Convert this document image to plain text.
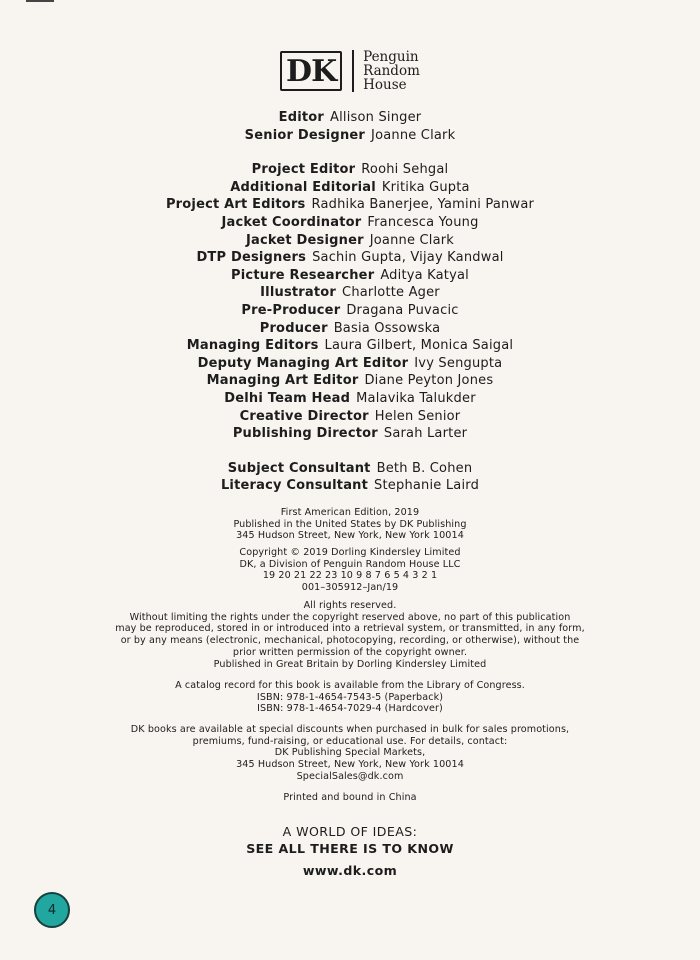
DK	Penguin
Random
House
Editor Allison Singer
Senior Designer Joanne Clark
Project Editor Roohi Sehgal
Additional Editorial Kritika Gupta
Project Art Editors Radhika Banerjee, Yamini Panwar
Jacket Coordinator Francesca Young
Jacket Designer Joanne Clark
DTP Designers Sachin Gupta, Vijay Kandwal
Picture Researcher Aditya Katyal
Illustrator Charlotte Ager
Pre-Producer Dragana Puvacic
Producer Basia Ossowska
Managing Editors Laura Gilbert, Monica Saigal
Deputy Managing Art Editor Ivy Sengupta
Managing Art Editor Diane Peyton Jones
Delhi Team Head Malavika Talukder
Creative Director Helen Senior
Publishing Director Sarah Larter
Subject Consultant Beth B. Cohen
Literacy Consultant Stephanie Laird
First American Edition, 2019
Published in the United States by DK Publishing
345 Hudson Street, New York, New York 10014
Copyright © 2019 Dorling Kindersley Limited
DK, a Division of Penguin Random House LLC
19 20 21 22 23 10 9 8 7 6 5 4 3 2 1
001–305912–Jan/19
All rights reserved.
Without limiting the rights under the copyright reserved above, no part of this publication
may be reproduced, stored in or introduced into a retrieval system, or transmitted, in any form,
or by any means (electronic, mechanical, photocopying, recording, or otherwise), without the
prior written permission of the copyright owner.
Published in Great Britain by Dorling Kindersley Limited
A catalog record for this book is available from the Library of Congress.
ISBN: 978-1-4654-7543-5 (Paperback)
ISBN: 978-1-4654-7029-4 (Hardcover)
DK books are available at special discounts when purchased in bulk for sales promotions,
premiums, fund-raising, or educational use. For details, contact:
DK Publishing Special Markets,
345 Hudson Street, New York, New York 10014
SpecialSales@dk.com
Printed and bound in China
A WORLD OF IDEAS:
SEE ALL THERE IS TO KNOW
www.dk.com
4
